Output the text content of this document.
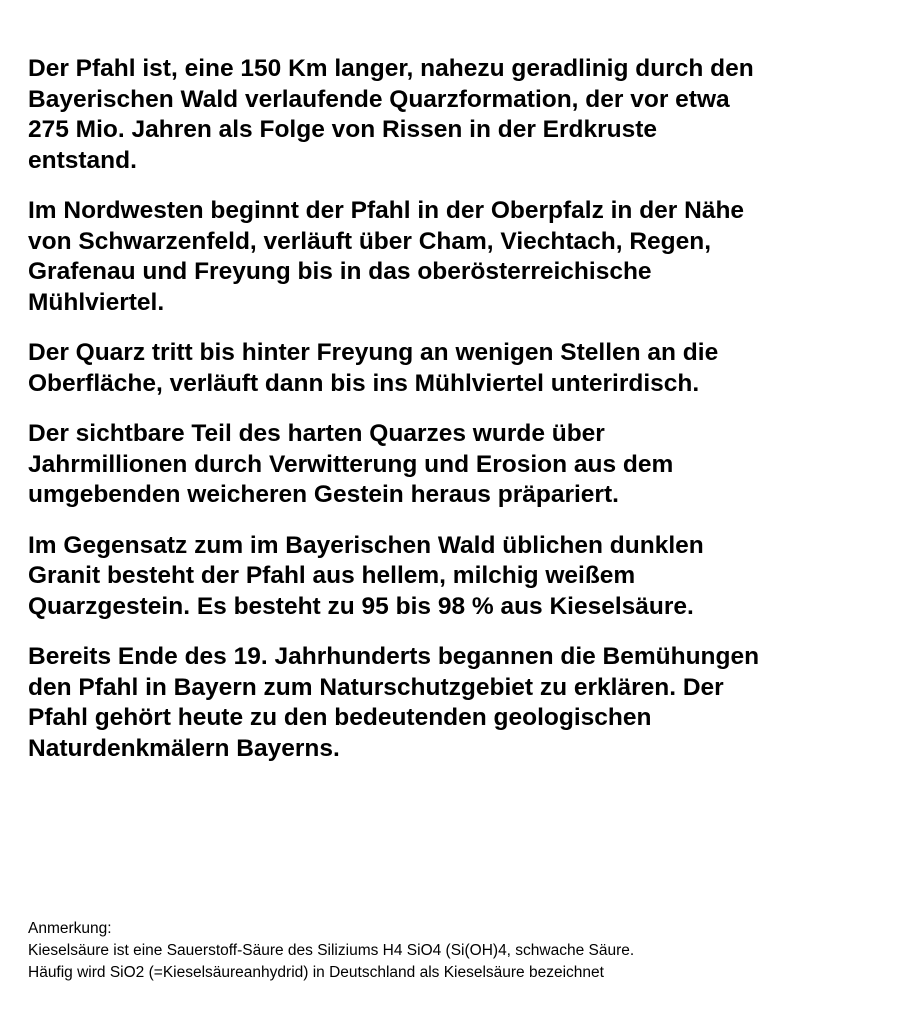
Der Pfahl ist, eine 150 Km langer, nahezu geradlinig durch den
Bayerischen Wald verlaufende Quarzformation, der vor etwa
275 Mio. Jahren als Folge von Rissen in der Erdkruste
entstand.

Im Nordwesten beginnt der Pfahl in der Oberpfalz in der Nähe
von Schwarzenfeld, verläuft über Cham, Viechtach, Regen,
Grafenau und Freyung bis in das oberösterreichische
Mühlviertel.

Der Quarz tritt bis hinter Freyung an wenigen Stellen an die
Oberfläche, verläuft dann bis ins Mühlviertel unterirdisch.

Der sichtbare Teil des harten Quarzes wurde über
Jahrmillionen durch Verwitterung und Erosion aus dem
umgebenden weicheren Gestein heraus präpariert.

Im Gegensatz zum im Bayerischen Wald üblichen dunklen
Granit besteht der Pfahl aus hellem, milchig weißem
Quarzgestein. Es besteht zu 95 bis 98 % aus Kieselsäure.

Bereits Ende des 19. Jahrhunderts begannen die Bemühungen
den Pfahl in Bayern zum Naturschutzgebiet zu erklären. Der
Pfahl gehört heute zu den bedeutenden geologischen
Naturdenkmälern Bayerns.

Anmerkung:
Kieselsäure ist eine Sauerstoff-Säure des Siliziums H4 SiO4 (Si(OH)4, schwache Säure.
Häufig wird SiO2 (=Kieselsäureanhydrid) in Deutschland als Kieselsäure bezeichnet
